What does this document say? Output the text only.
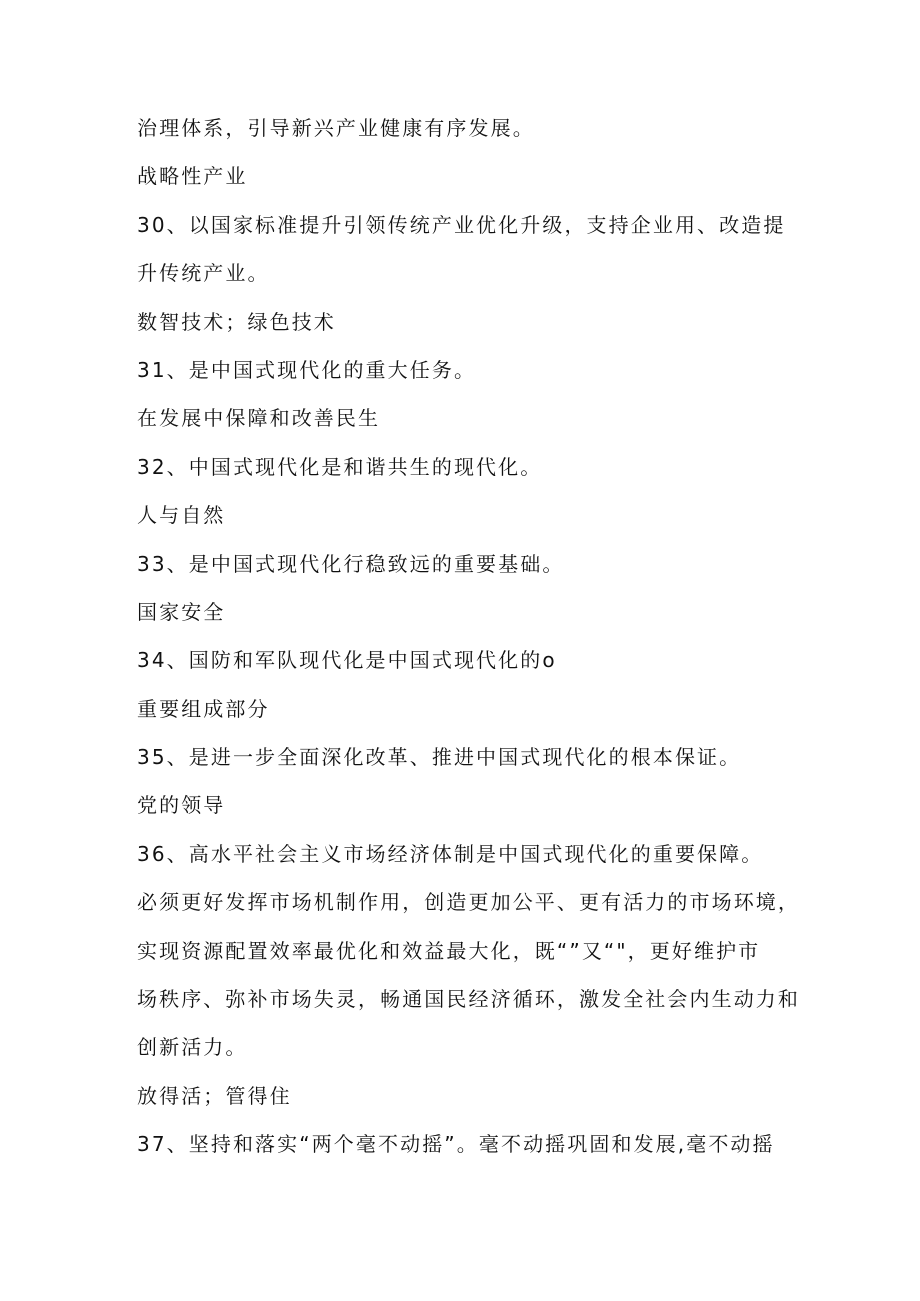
治理体系，引导新兴产业健康有序发展。
战略性产业
30、以国家标准提升引领传统产业优化升级，支持企业用、改造提
升传统产业。
数智技术；绿色技术
31、是中国式现代化的重大任务。
在发展中保障和改善民生
32、中国式现代化是和谐共生的现代化。
人与自然
33、是中国式现代化行稳致远的重要基础。
国家安全
34、国防和军队现代化是中国式现代化的o
重要组成部分
35、是进一步全面深化改革、推进中国式现代化的根本保证。
党的领导
36、高水平社会主义市场经济体制是中国式现代化的重要保障。
必须更好发挥市场机制作用，创造更加公平、更有活力的市场环境，
实现资源配置效率最优化和效益最大化，既“”又“"，更好维护市
场秩序、弥补市场失灵，畅通国民经济循环，激发全社会内生动力和
创新活力。
放得活；管得住
37、坚持和落实“两个毫不动摇”。毫不动摇巩固和发展,毫不动摇
